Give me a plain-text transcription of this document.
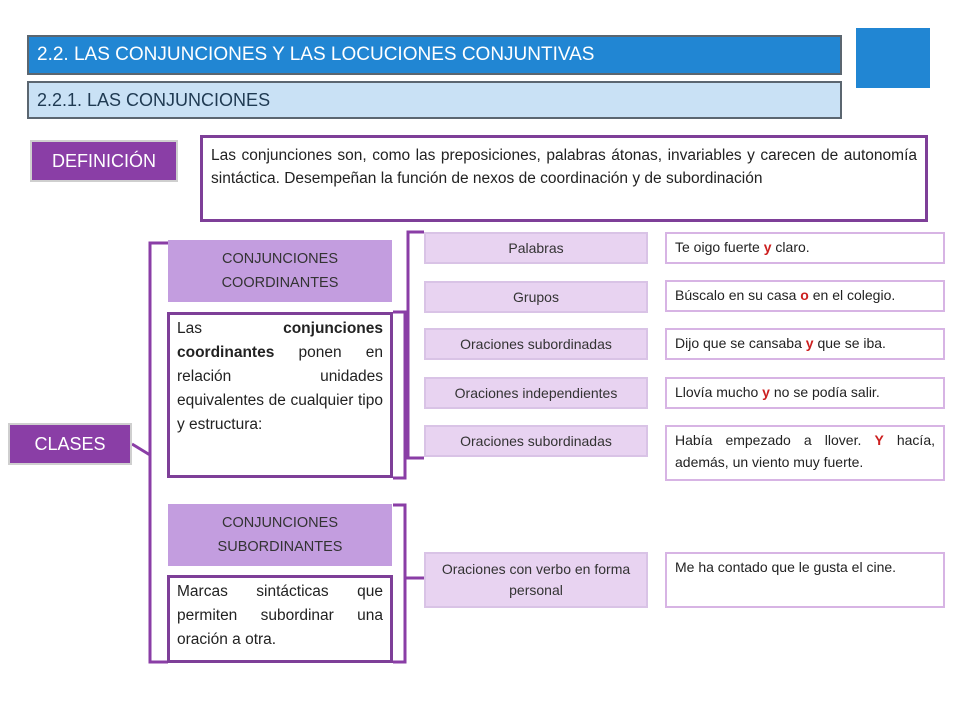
2.2. LAS CONJUNCIONES Y LAS LOCUCIONES CONJUNTIVAS
2.2.1. LAS CONJUNCIONES
DEFINICIÓN	Las conjunciones son, como las preposiciones, palabras átonas, invariables y carecen de autonomía sintáctica. Desempeñan la función de nexos de coordinación y de subordinación
CLASES
CONJUNCIONES
COORDINANTES
Las conjunciones coordinantes ponen en relación unidades equivalentes de cualquier tipo y estructura:
Palabras
Grupos
Oraciones subordinadas
Oraciones independientes
Oraciones subordinadas
Te oigo fuerte y claro.
Búscalo en su casa o en el colegio.
Dijo que se cansaba y que se iba.
Llovía mucho y no se podía salir.
Había empezado a llover. Y hacía, además, un viento muy fuerte.
CONJUNCIONES
SUBORDINANTES
Marcas sintácticas que permiten subordinar una oración a otra.
Oraciones con verbo en forma personal
Me ha contado que le gusta el cine.
